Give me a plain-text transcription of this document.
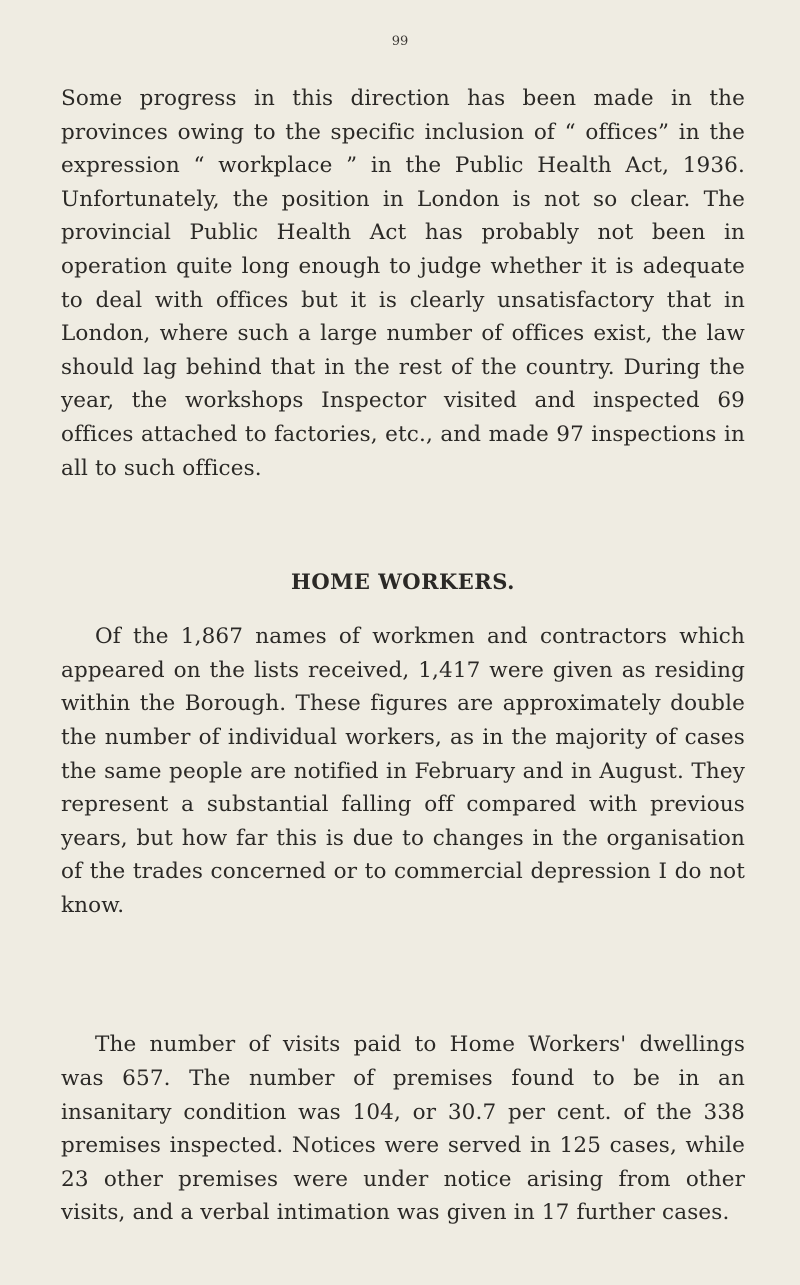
99

Some progress in this direction has been made in the provinces owing to the specific inclusion of “ offices” in the expression “ workplace ” in the Public Health Act, 1936. Unfortunately, the position in London is not so clear. The provincial Public Health Act has probably not been in operation quite long enough to judge whether it is adequate to deal with offices but it is clearly unsatisfactory that in London, where such a large number of offices exist, the law should lag behind that in the rest of the country. During the year, the workshops Inspector visited and inspected 69 offices attached to factories, etc., and made 97 inspections in all to such offices.

HOME WORKERS.

Of the 1,867 names of workmen and contractors which appeared on the lists received, 1,417 were given as residing within the Borough. These figures are approximately double the number of individual workers, as in the majority of cases the same people are notified in February and in August. They represent a substantial falling off compared with previous years, but how far this is due to changes in the organisation of the trades concerned or to commercial depression I do not know.

The number of visits paid to Home Workers' dwellings was 657. The number of premises found to be in an insanitary condition was 104, or 30.7 per cent. of the 338 premises inspected. Notices were served in 125 cases, while 23 other premises were under notice arising from other visits, and a verbal intimation was given in 17 further cases.
